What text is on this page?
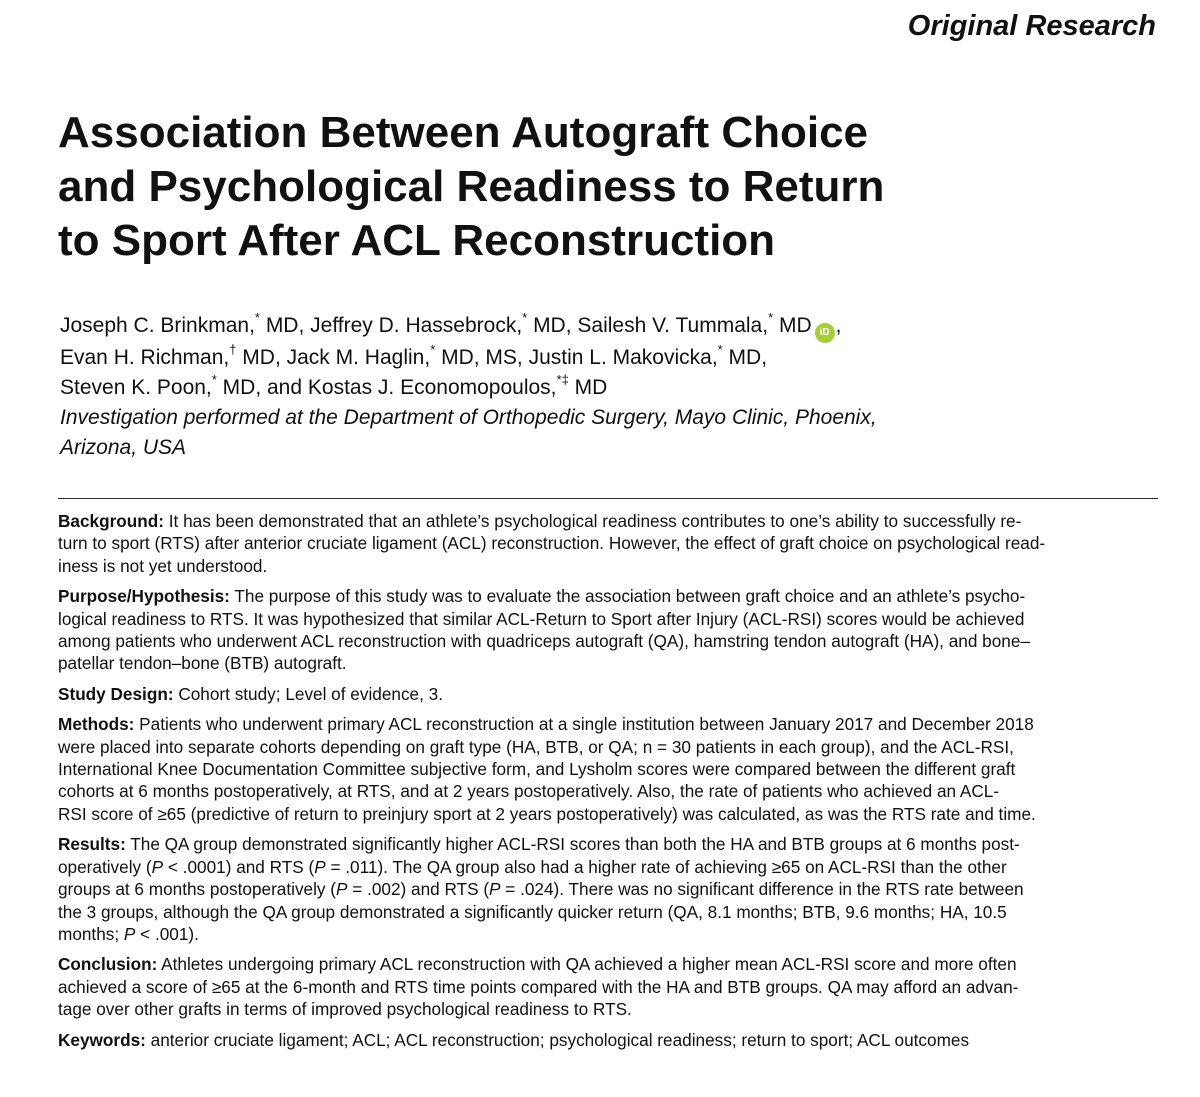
Original Research
Association Between Autograft Choice
and Psychological Readiness to Return
to Sport After ACL Reconstruction
Joseph C. Brinkman,* MD, Jeffrey D. Hassebrock,* MD, Sailesh V. Tummala,* MD iD ,
Evan H. Richman,† MD, Jack M. Haglin,* MD, MS, Justin L. Makovicka,* MD,
Steven K. Poon,* MD, and Kostas J. Economopoulos,*‡ MD
Investigation performed at the Department of Orthopedic Surgery, Mayo Clinic, Phoenix,
Arizona, USA

Background: It has been demonstrated that an athlete’s psychological readiness contributes to one’s ability to successfully re-
turn to sport (RTS) after anterior cruciate ligament (ACL) reconstruction. However, the effect of graft choice on psychological read-
iness is not yet understood.

Purpose/Hypothesis: The purpose of this study was to evaluate the association between graft choice and an athlete’s psycho-
logical readiness to RTS. It was hypothesized that similar ACL-Return to Sport after Injury (ACL-RSI) scores would be achieved
among patients who underwent ACL reconstruction with quadriceps autograft (QA), hamstring tendon autograft (HA), and bone–
patellar tendon–bone (BTB) autograft.

Study Design: Cohort study; Level of evidence, 3.

Methods: Patients who underwent primary ACL reconstruction at a single institution between January 2017 and December 2018
were placed into separate cohorts depending on graft type (HA, BTB, or QA; n = 30 patients in each group), and the ACL-RSI,
International Knee Documentation Committee subjective form, and Lysholm scores were compared between the different graft
cohorts at 6 months postoperatively, at RTS, and at 2 years postoperatively. Also, the rate of patients who achieved an ACL-
RSI score of ≥65 (predictive of return to preinjury sport at 2 years postoperatively) was calculated, as was the RTS rate and time.

Results: The QA group demonstrated significantly higher ACL-RSI scores than both the HA and BTB groups at 6 months post-
operatively (P < .0001) and RTS (P = .011). The QA group also had a higher rate of achieving ≥65 on ACL-RSI than the other
groups at 6 months postoperatively (P = .002) and RTS (P = .024). There was no significant difference in the RTS rate between
the 3 groups, although the QA group demonstrated a significantly quicker return (QA, 8.1 months; BTB, 9.6 months; HA, 10.5
months; P < .001).

Conclusion: Athletes undergoing primary ACL reconstruction with QA achieved a higher mean ACL-RSI score and more often
achieved a score of ≥65 at the 6-month and RTS time points compared with the HA and BTB groups. QA may afford an advan-
tage over other grafts in terms of improved psychological readiness to RTS.

Keywords: anterior cruciate ligament; ACL; ACL reconstruction; psychological readiness; return to sport; ACL outcomes
